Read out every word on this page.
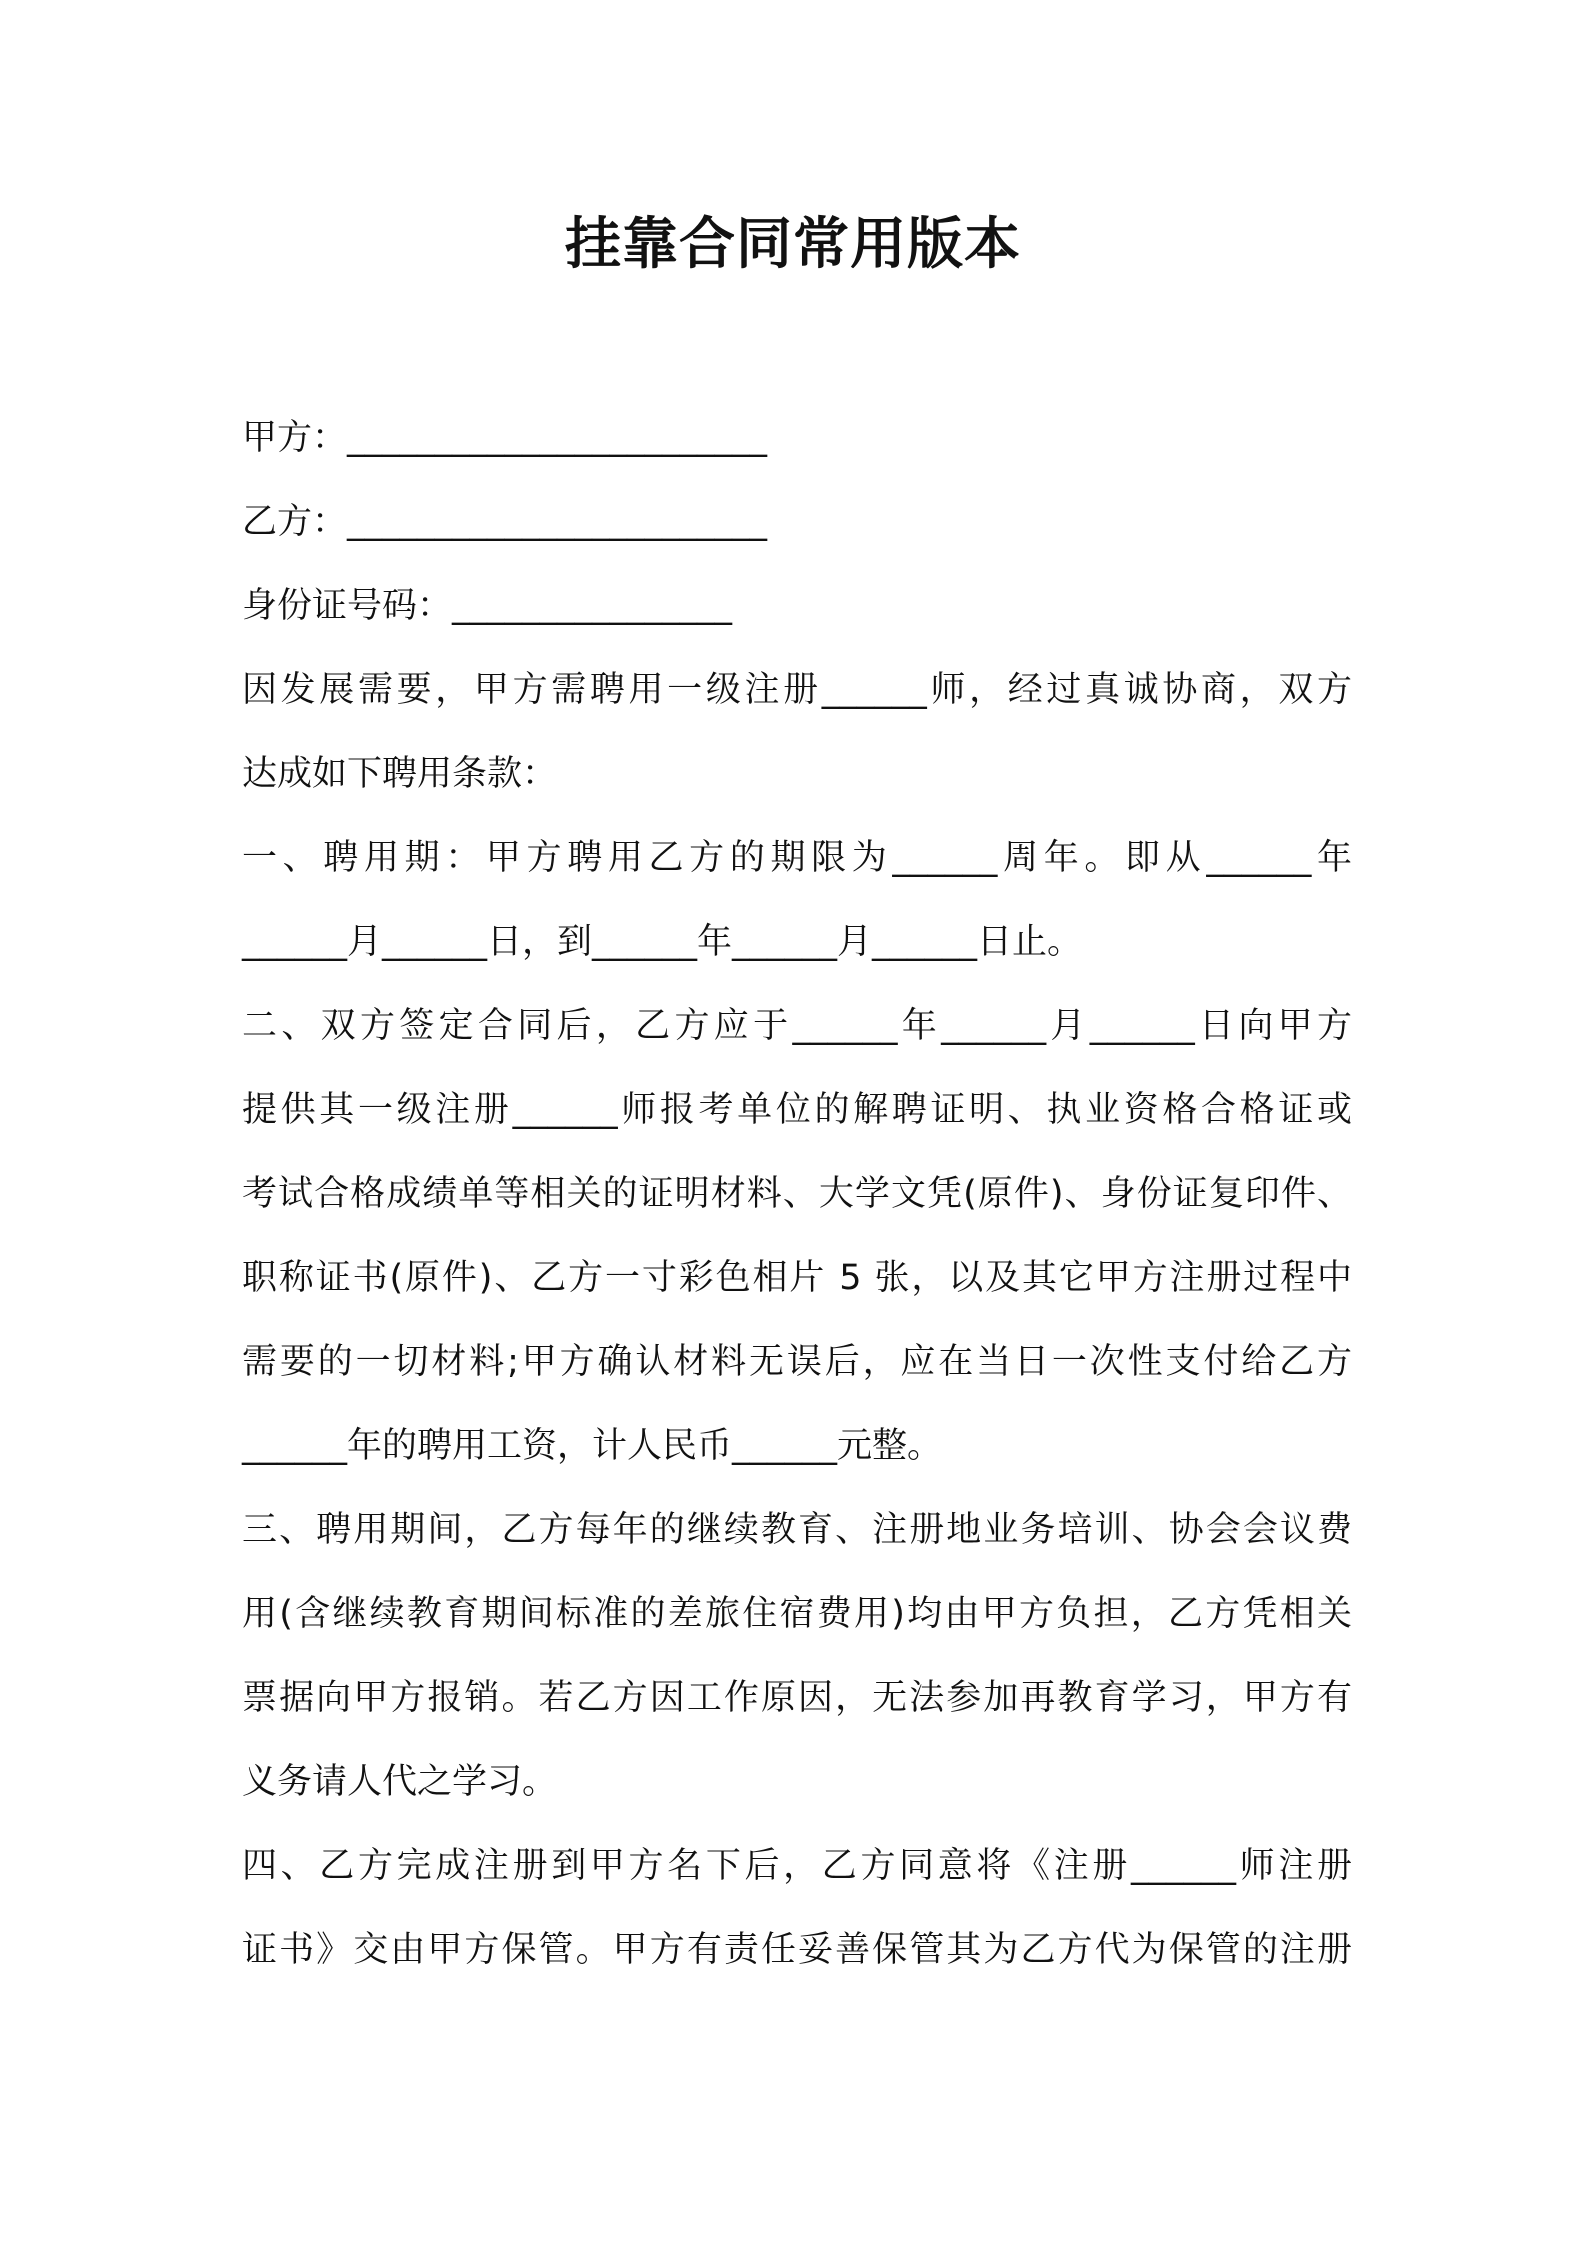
挂靠合同常用版本
甲方：________________________
乙方：________________________
身份证号码：________________
因发展需要，甲方需聘用一级注册______师，经过真诚协商，双方
达成如下聘用条款：
一、聘用期：甲方聘用乙方的期限为______周年。即从______年
______月______日，到______年______月______日止。
二、双方签定合同后，乙方应于______年______月______日向甲方
提供其一级注册______师报考单位的解聘证明、执业资格合格证或
考试合格成绩单等相关的证明材料、大学文凭(原件)、身份证复印件、
职称证书(原件)、乙方一寸彩色相片 5 张，以及其它甲方注册过程中
需要的一切材料;甲方确认材料无误后，应在当日一次性支付给乙方
______年的聘用工资，计人民币______元整。
三、聘用期间，乙方每年的继续教育、注册地业务培训、协会会议费
用(含继续教育期间标准的差旅住宿费用)均由甲方负担，乙方凭相关
票据向甲方报销。若乙方因工作原因，无法参加再教育学习，甲方有
义务请人代之学习。
四、乙方完成注册到甲方名下后，乙方同意将《注册______师注册
证书》交由甲方保管。甲方有责任妥善保管其为乙方代为保管的注册
